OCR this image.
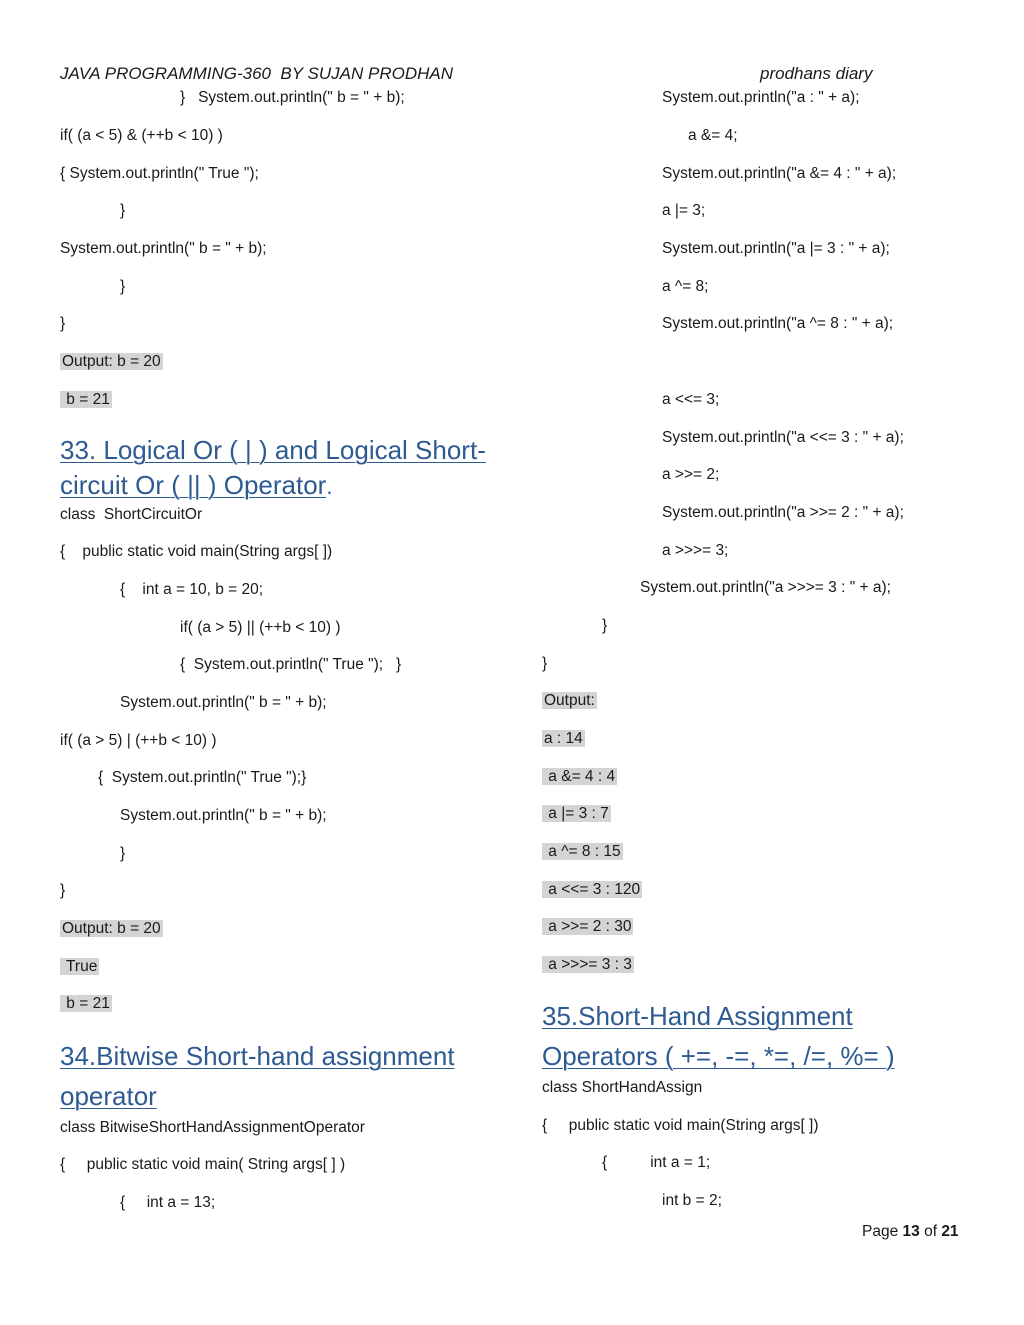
JAVA PROGRAMMING-360  BY SUJAN PRODHAN	prodhans diary
}   System.out.println(" b = " + b);
if( (a < 5) & (++b < 10) )
{ System.out.println(" True ");
}
System.out.println(" b = " + b);
}
}
Output: b = 20
b = 21
33. Logical Or ( | ) and Logical Short-
circuit Or ( || ) Operator.
class  ShortCircuitOr
{    public static void main(String args[ ])
{    int a = 10, b = 20;
if( (a > 5) || (++b < 10) )
{  System.out.println(" True ");   }
System.out.println(" b = " + b);
if( (a > 5) | (++b < 10) )
{  System.out.println(" True ");}
System.out.println(" b = " + b);
}
}
Output: b = 20
True
b = 21
34.Bitwise Short-hand assignment
operator
class BitwiseShortHandAssignmentOperator
{     public static void main( String args[ ] )
{     int a = 13;
System.out.println("a : " + a);
a &= 4;
System.out.println("a &= 4 : " + a);
a |= 3;
System.out.println("a |= 3 : " + a);
a ^= 8;
System.out.println("a ^= 8 : " + a);
a <<= 3;
System.out.println("a <<= 3 : " + a);
a >>= 2;
System.out.println("a >>= 2 : " + a);
a >>>= 3;
System.out.println("a >>>= 3 : " + a);
}
}
Output:
a : 14
a &= 4 : 4
a |= 3 : 7
a ^= 8 : 15
a <<= 3 : 120
a >>= 2 : 30
a >>>= 3 : 3
35.Short-Hand Assignment
Operators ( +=, -=, *=, /=, %= )
class ShortHandAssign
{     public static void main(String args[ ])
{          int a = 1;
int b = 2;
Page 13 of 21
